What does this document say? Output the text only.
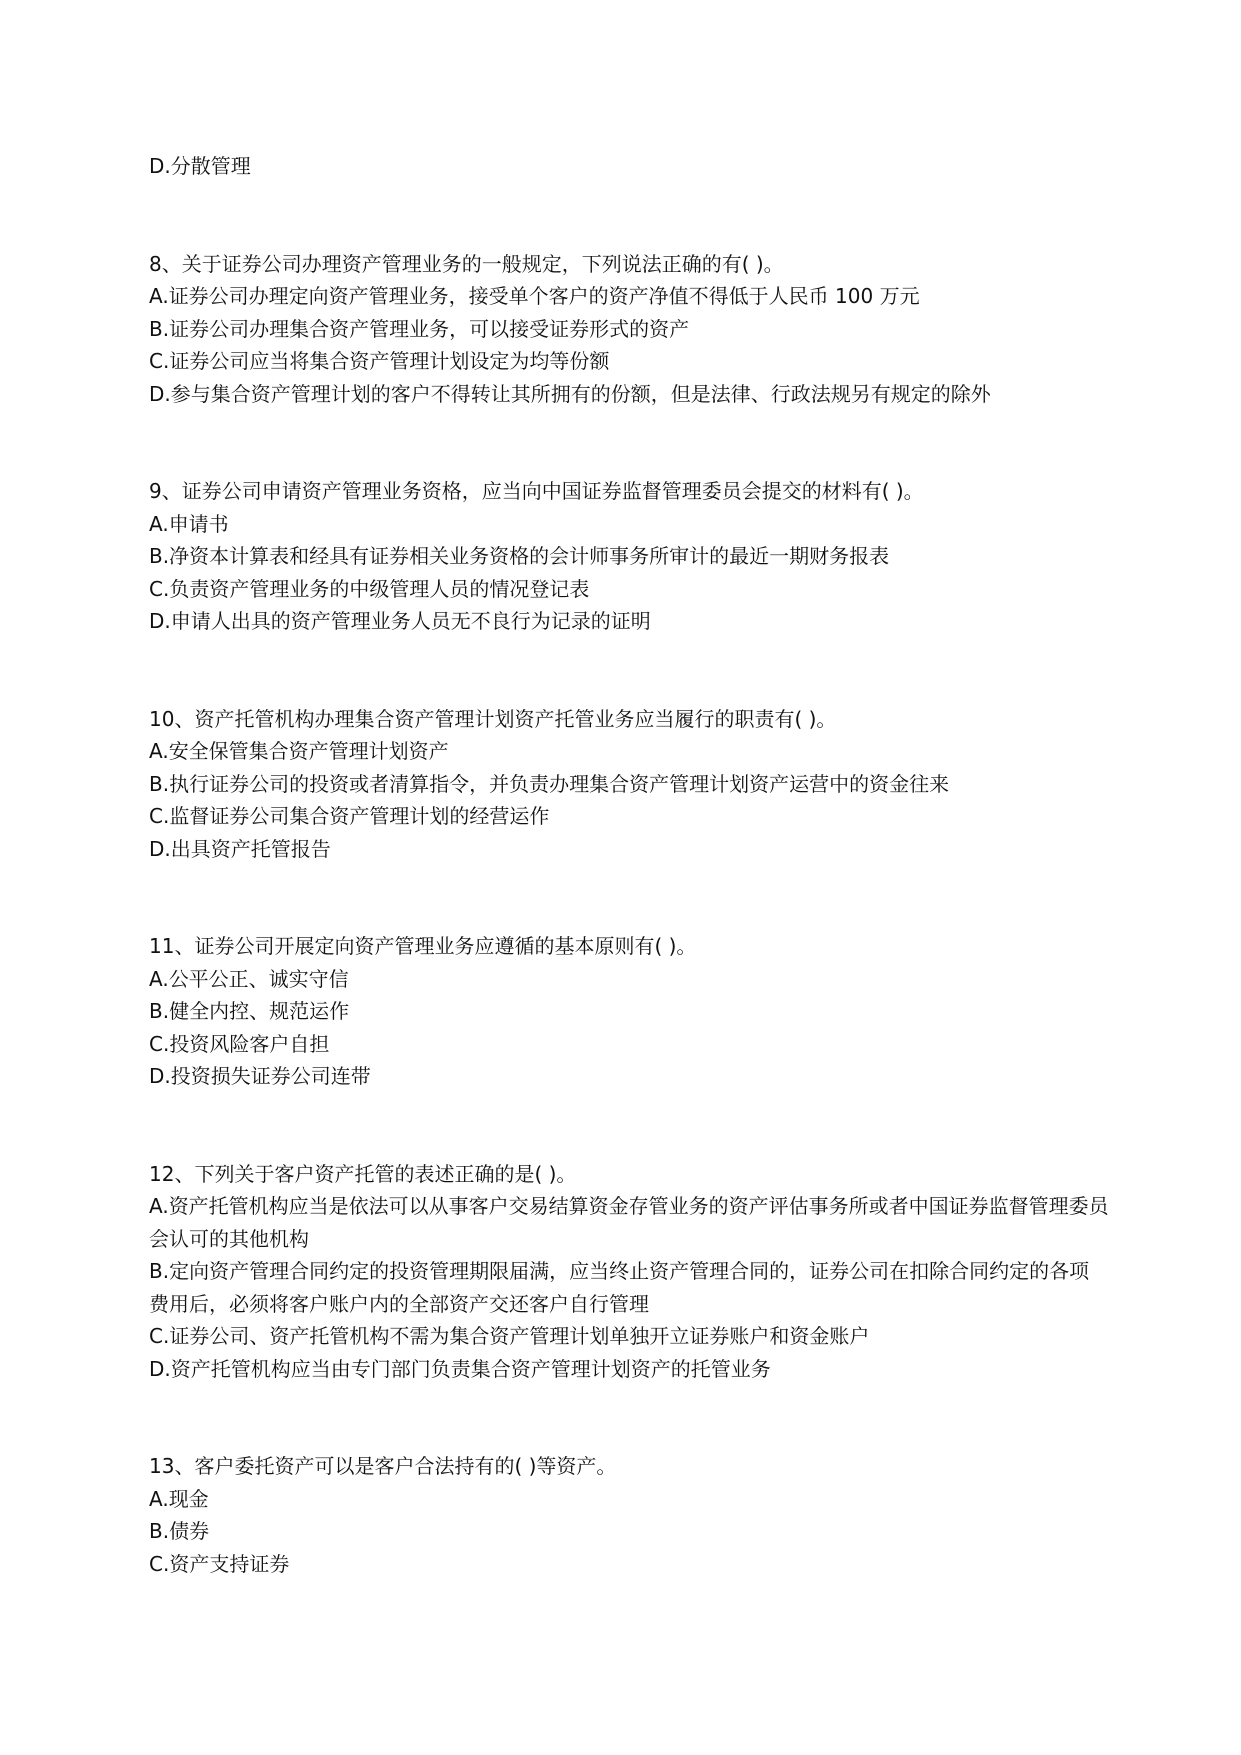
D.分散管理

8、关于证券公司办理资产管理业务的一般规定，下列说法正确的有( )。

A.证券公司办理定向资产管理业务，接受单个客户的资产净值不得低于人民币 100 万元

B.证券公司办理集合资产管理业务，可以接受证券形式的资产

C.证券公司应当将集合资产管理计划设定为均等份额

D.参与集合资产管理计划的客户不得转让其所拥有的份额，但是法律、行政法规另有规定的除外

9、证券公司申请资产管理业务资格，应当向中国证券监督管理委员会提交的材料有( )。

A.申请书

B.净资本计算表和经具有证券相关业务资格的会计师事务所审计的最近一期财务报表

C.负责资产管理业务的中级管理人员的情况登记表

D.申请人出具的资产管理业务人员无不良行为记录的证明

10、资产托管机构办理集合资产管理计划资产托管业务应当履行的职责有( )。

A.安全保管集合资产管理计划资产

B.执行证券公司的投资或者清算指令，并负责办理集合资产管理计划资产运营中的资金往来

C.监督证券公司集合资产管理计划的经营运作

D.出具资产托管报告

11、证券公司开展定向资产管理业务应遵循的基本原则有( )。

A.公平公正、诚实守信

B.健全内控、规范运作

C.投资风险客户自担

D.投资损失证券公司连带

12、下列关于客户资产托管的表述正确的是( )。

A.资产托管机构应当是依法可以从事客户交易结算资金存管业务的资产评估事务所或者中国证券监督管理委员会认可的其他机构

B.定向资产管理合同约定的投资管理期限届满，应当终止资产管理合同的，证券公司在扣除合同约定的各项费用后，必须将客户账户内的全部资产交还客户自行管理

C.证券公司、资产托管机构不需为集合资产管理计划单独开立证券账户和资金账户

D.资产托管机构应当由专门部门负责集合资产管理计划资产的托管业务

13、客户委托资产可以是客户合法持有的( )等资产。

A.现金

B.债券

C.资产支持证券
